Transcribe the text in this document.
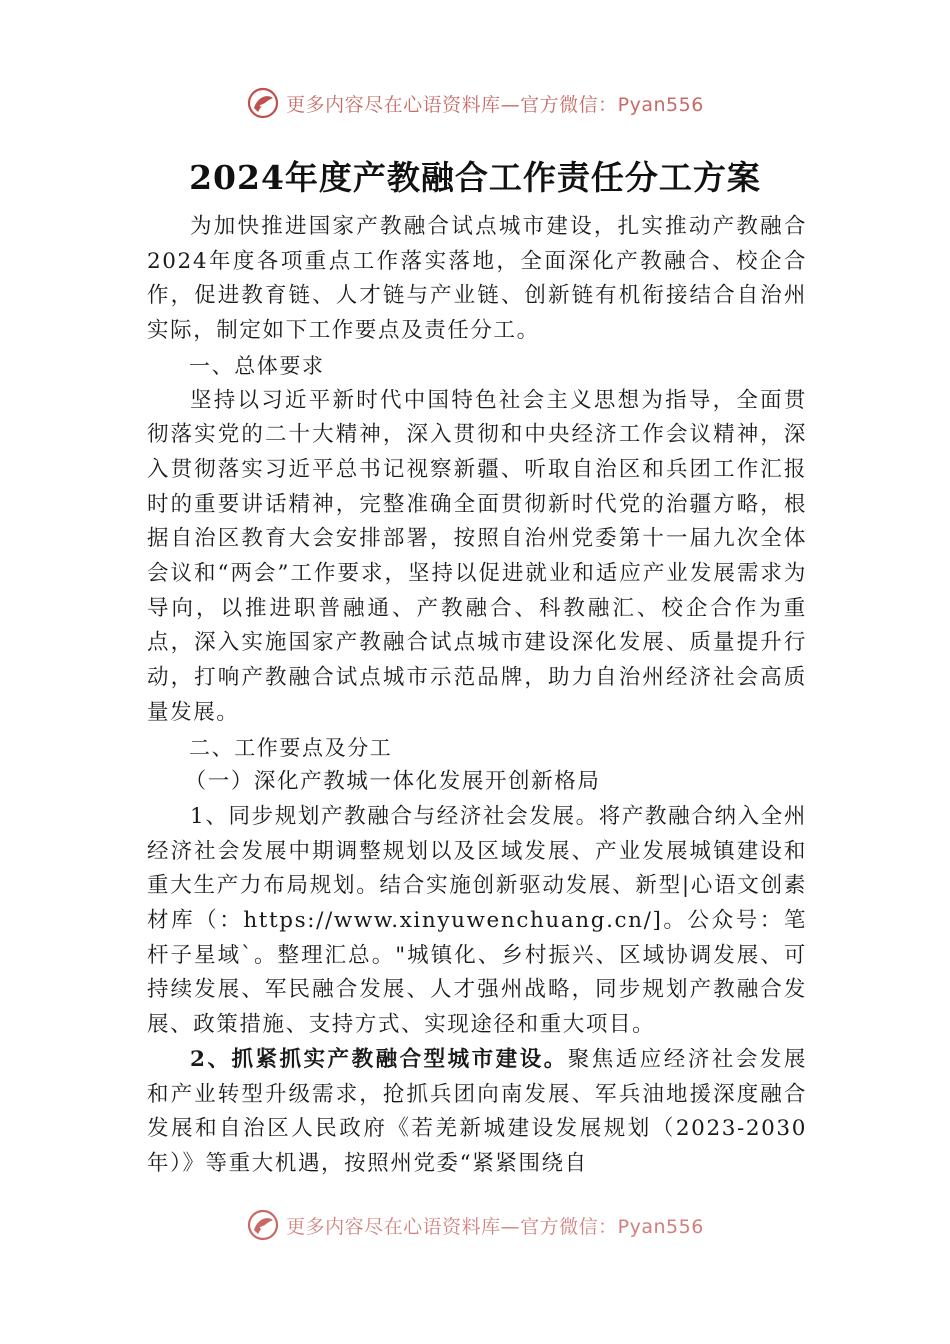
更多内容尽在心语资料库—官方微信：Pyan556
2024年度产教融合工作责任分工方案

为加快推进国家产教融合试点城市建设，扎实推动产教融合2024年度各项重点工作落实落地，全面深化产教融合、校企合作，促进教育链、人才链与产业链、创新链有机衔接结合自治州实际，制定如下工作要点及责任分工。

一、总体要求

坚持以习近平新时代中国特色社会主义思想为指导，全面贯彻落实党的二十大精神，深入贯彻和中央经济工作会议精神，深入贯彻落实习近平总书记视察新疆、听取自治区和兵团工作汇报时的重要讲话精神，完整准确全面贯彻新时代党的治疆方略，根据自治区教育大会安排部署，按照自治州党委第十一届九次全体会议和“两会”工作要求，坚持以促进就业和适应产业发展需求为导向，以推进职普融通、产教融合、科教融汇、校企合作为重点，深入实施国家产教融合试点城市建设深化发展、质量提升行动，打响产教融合试点城市示范品牌，助力自治州经济社会高质量发展。

二、工作要点及分工

（一）深化产教城一体化发展开创新格局

1、同步规划产教融合与经济社会发展。将产教融合纳入全州经济社会发展中期调整规划以及区域发展、产业发展城镇建设和重大生产力布局规划。结合实施创新驱动发展、新型|心语文创素材库（：https://www.xinyuwenchuang.cn/]。公众号：笔杆子星域`。整理汇总。"城镇化、乡村振兴、区域协调发展、可持续发展、军民融合发展、人才强州战略，同步规划产教融合发展、政策措施、支持方式、实现途径和重大项目。

2、抓紧抓实产教融合型城市建设。聚焦适应经济社会发展和产业转型升级需求，抢抓兵团向南发展、军兵油地援深度融合发展和自治区人民政府《若羌新城建设发展规划（2023-2030年）》等重大机遇，按照州党委“紧紧围绕自

更多内容尽在心语资料库—官方微信：Pyan556
